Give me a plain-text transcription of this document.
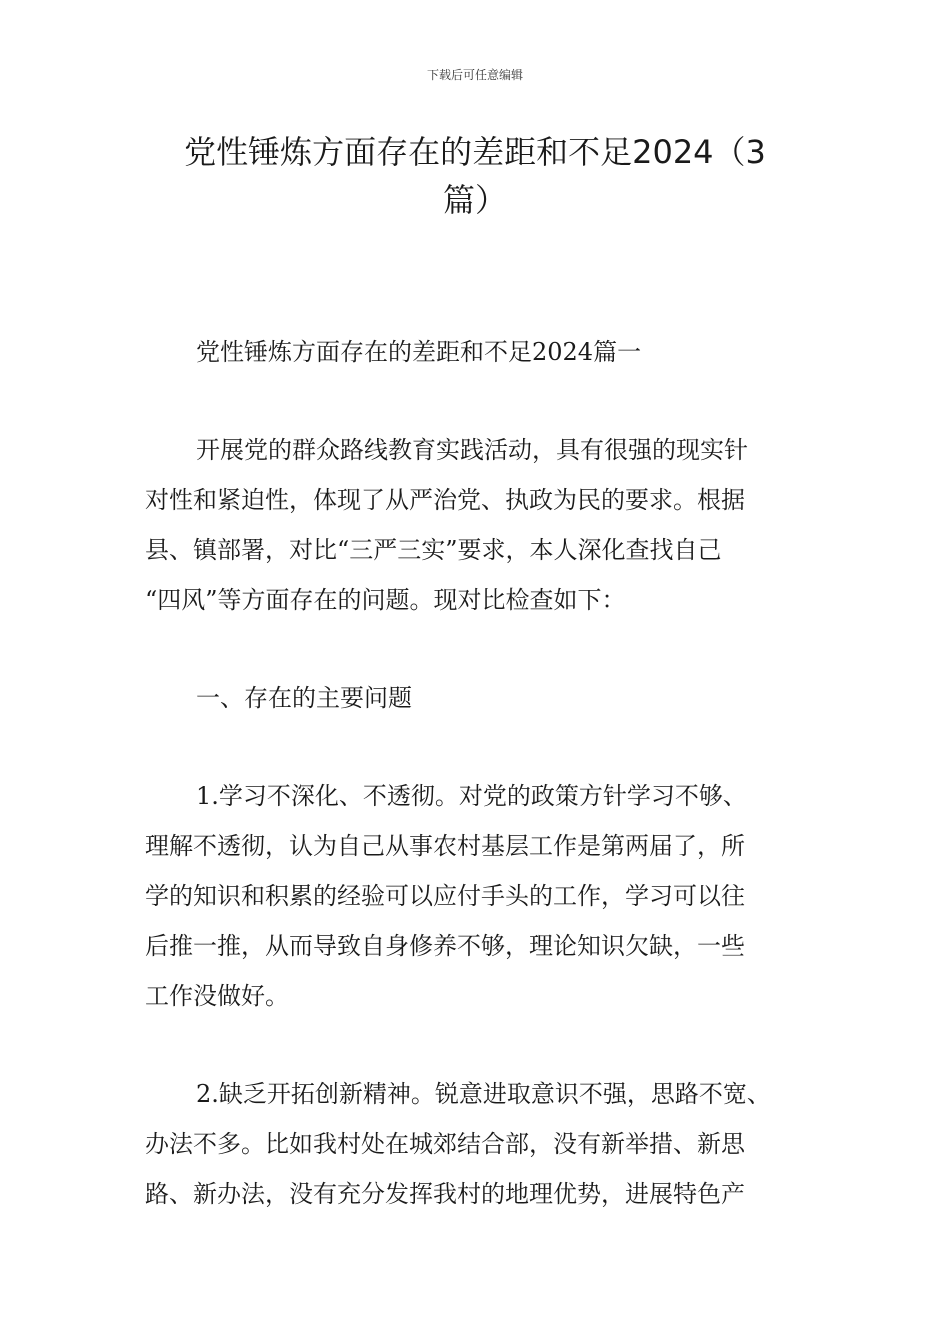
下载后可任意编辑
党性锤炼方面存在的差距和不足2024（3
篇）
党性锤炼方面存在的差距和不足2024篇一
开展党的群众路线教育实践活动，具有很强的现实针
对性和紧迫性，体现了从严治党、执政为民的要求。根据
县、镇部署，对比“三严三实”要求，本人深化查找自己
“四风”等方面存在的问题。现对比检查如下：
一、存在的主要问题
1.学习不深化、不透彻。对党的政策方针学习不够、
理解不透彻，认为自己从事农村基层工作是第两届了，所
学的知识和积累的经验可以应付手头的工作，学习可以往
后推一推，从而导致自身修养不够，理论知识欠缺，一些
工作没做好。
2.缺乏开拓创新精神。锐意进取意识不强，思路不宽、
办法不多。比如我村处在城郊结合部，没有新举措、新思
路、新办法，没有充分发挥我村的地理优势，进展特色产
